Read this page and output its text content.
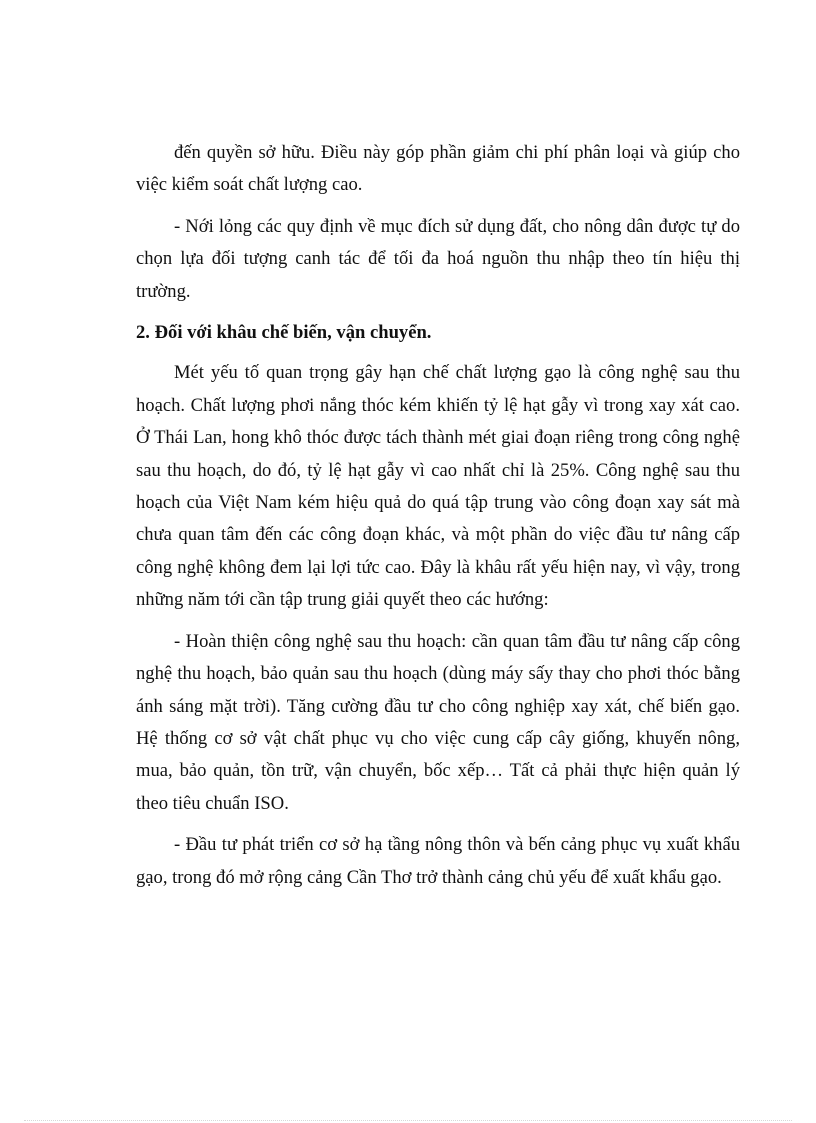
đến quyền sở hữu. Điều này góp phần giảm chi phí phân loại và giúp cho việc kiểm soát chất lượng cao.

- Nới lỏng các quy định về mục đích sử dụng đất, cho nông dân được tự do chọn lựa đối tượng canh tác để tối đa hoá nguồn thu nhập theo tín hiệu thị trường.

2. Đối với khâu chế biến, vận chuyển.

Mét yếu tố quan trọng gây hạn chế chất lượng gạo là công nghệ sau thu hoạch. Chất lượng phơi nắng thóc kém khiến tỷ lệ hạt gẫy vì trong xay xát cao. Ở Thái Lan, hong khô thóc được tách thành mét giai đoạn riêng trong công nghệ sau thu hoạch, do đó, tỷ lệ hạt gẫy vì cao nhất chỉ là 25%. Công nghệ sau thu hoạch của Việt Nam kém hiệu quả do quá tập trung vào công đoạn xay sát mà chưa quan tâm đến các công đoạn khác, và một phần do việc đầu tư nâng cấp công nghệ không đem lại lợi tức cao. Đây là khâu rất yếu hiện nay, vì vậy, trong những năm tới cần tập trung giải quyết theo các hướng:

- Hoàn thiện công nghệ sau thu hoạch: cần quan tâm đầu tư nâng cấp công nghệ thu hoạch, bảo quản sau thu hoạch (dùng máy sấy thay cho phơi thóc bằng ánh sáng mặt trời). Tăng cường đầu tư cho công nghiệp xay xát, chế biến gạo. Hệ thống cơ sở vật chất phục vụ cho việc cung cấp cây giống, khuyến nông, mua, bảo quản, tồn trữ, vận chuyển, bốc xếp… Tất cả phải thực hiện quản lý theo tiêu chuẩn ISO.

- Đầu tư phát triển cơ sở hạ tầng nông thôn và bến cảng phục vụ xuất khẩu gạo, trong đó mở rộng cảng Cần Thơ trở thành cảng chủ yếu để xuất khẩu gạo.
